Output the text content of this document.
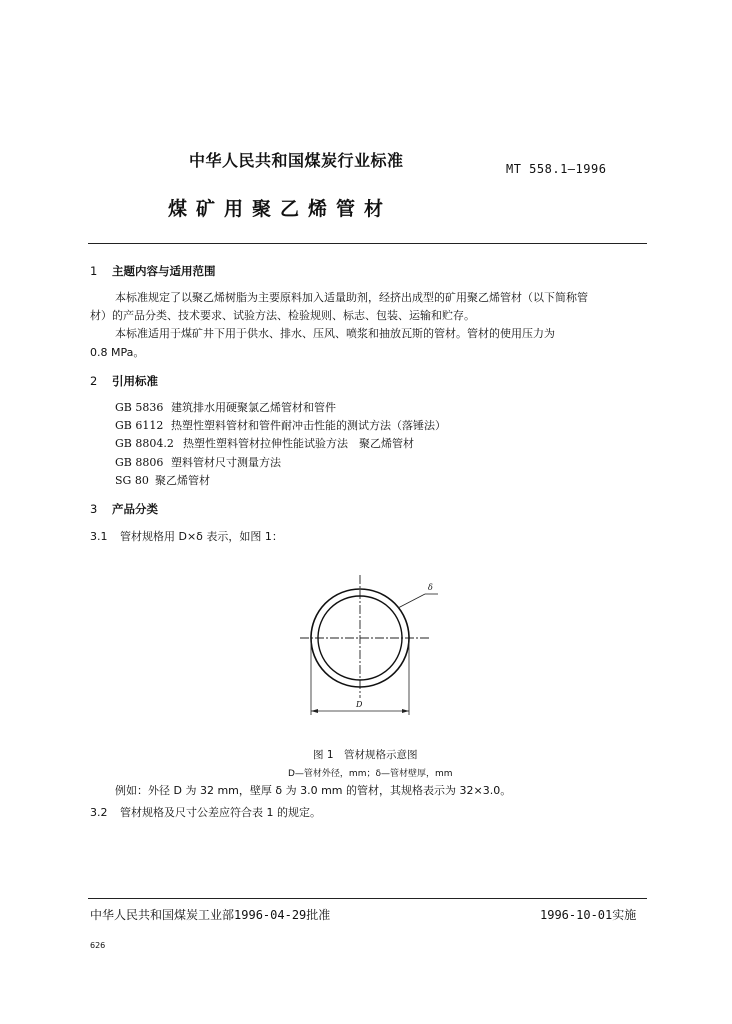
中华人民共和国煤炭行业标准	MT 558.1—1996
煤矿用聚乙烯管材
1 主题内容与适用范围
本标准规定了以聚乙烯树脂为主要原料加入适量助剂，经挤出成型的矿用聚乙烯管材（以下简称管
材）的产品分类、技术要求、试验方法、检验规则、标志、包装、运输和贮存。
本标准适用于煤矿井下用于供水、排水、压风、喷浆和抽放瓦斯的管材。管材的使用压力为
0.8 MPa。
2 引用标准
GB 5836 建筑排水用硬聚氯乙烯管材和管件
GB 6112 热塑性塑料管材和管件耐冲击性能的测试方法（落锤法）
GB 8804.2 热塑性塑料管材拉伸性能试验方法　聚乙烯管材
GB 8806 塑料管材尺寸测量方法
SG 80 聚乙烯管材
3 产品分类
3.1 管材规格用 D×δ 表示，如图 1：
δ
D
图 1　管材规格示意图
D—管材外径，mm；δ—管材壁厚，mm
例如：外径 D 为 32 mm，壁厚 δ 为 3.0 mm 的管材，其规格表示为 32×3.0。
3.2 管材规格及尺寸公差应符合表 1 的规定。
中华人民共和国煤炭工业部1996-04-29批准	1996-10-01实施
626
